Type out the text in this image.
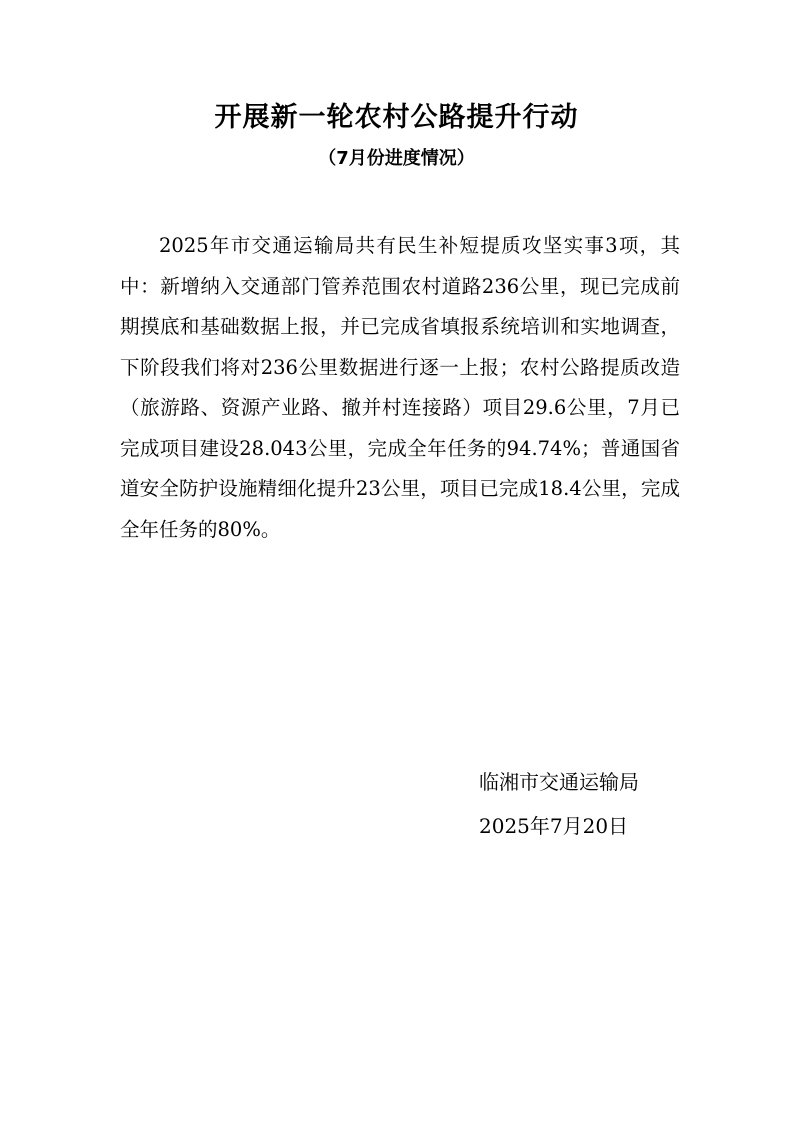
开展新一轮农村公路提升行动
（7月份进度情况）

2025年市交通运输局共有民生补短提质攻坚实事3项，其中：新增纳入交通部门管养范围农村道路236公里，现已完成前期摸底和基础数据上报，并已完成省填报系统培训和实地调查，下阶段我们将对236公里数据进行逐一上报；农村公路提质改造（旅游路、资源产业路、撤并村连接路）项目29.6公里，7月已完成项目建设28.043公里，完成全年任务的94.74%；普通国省道安全防护设施精细化提升23公里，项目已完成18.4公里，完成全年任务的80%。

临湘市交通运输局
2025年7月20日
